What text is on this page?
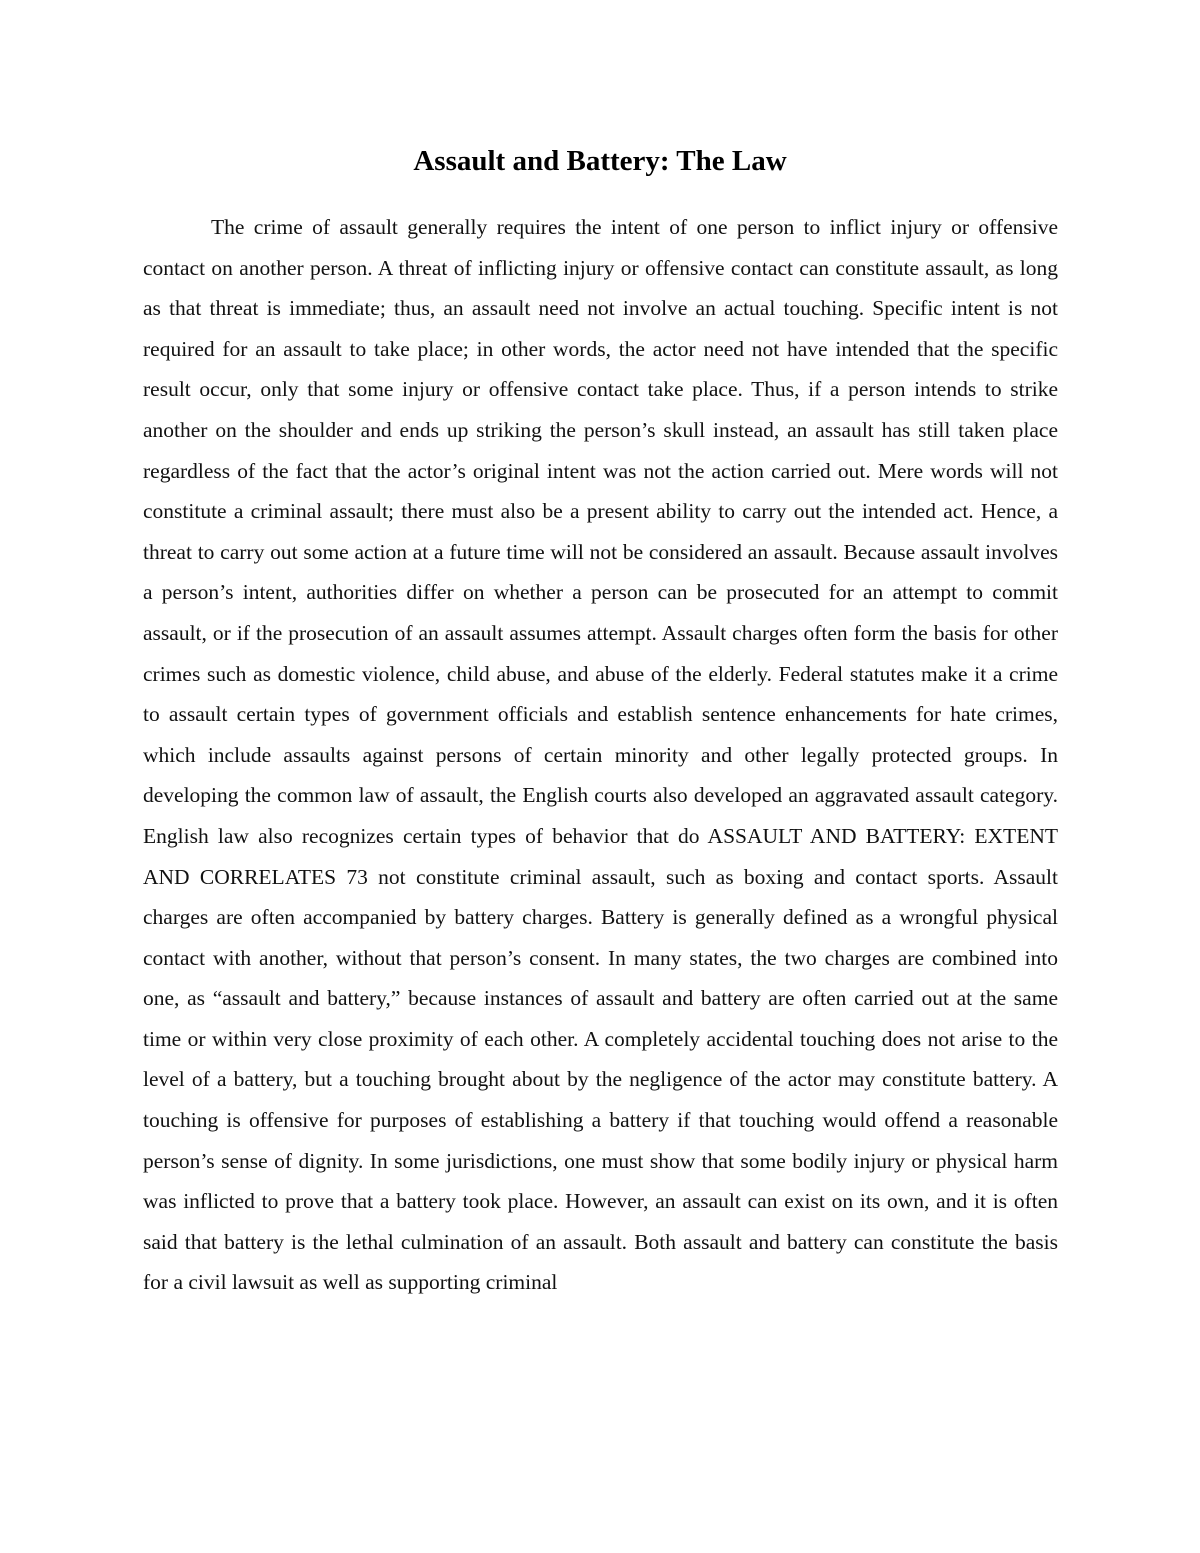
Assault and Battery: The Law

The crime of assault generally requires the intent of one person to inflict injury or offensive contact on another person. A threat of inflicting injury or offensive contact can constitute assault, as long as that threat is immediate; thus, an assault need not involve an actual touching. Specific intent is not required for an assault to take place; in other words, the actor need not have intended that the specific result occur, only that some injury or offensive contact take place. Thus, if a person intends to strike another on the shoulder and ends up striking the person’s skull instead, an assault has still taken place regardless of the fact that the actor’s original intent was not the action carried out. Mere words will not constitute a criminal assault; there must also be a present ability to carry out the intended act. Hence, a threat to carry out some action at a future time will not be considered an assault. Because assault involves a person’s intent, authorities differ on whether a person can be prosecuted for an attempt to commit assault, or if the prosecution of an assault assumes attempt. Assault charges often form the basis for other crimes such as domestic violence, child abuse, and abuse of the elderly. Federal statutes make it a crime to assault certain types of government officials and establish sentence enhancements for hate crimes, which include assaults against persons of certain minority and other legally protected groups. In developing the common law of assault, the English courts also developed an aggravated assault category. English law also recognizes certain types of behavior that do ASSAULT AND BATTERY: EXTENT AND CORRELATES 73 not constitute criminal assault, such as boxing and contact sports. Assault charges are often accompanied by battery charges. Battery is generally defined as a wrongful physical contact with another, without that person’s consent. In many states, the two charges are combined into one, as “assault and battery,” because instances of assault and battery are often carried out at the same time or within very close proximity of each other. A completely accidental touching does not arise to the level of a battery, but a touching brought about by the negligence of the actor may constitute battery. A touching is offensive for purposes of establishing a battery if that touching would offend a reasonable person’s sense of dignity. In some jurisdictions, one must show that some bodily injury or physical harm was inflicted to prove that a battery took place. However, an assault can exist on its own, and it is often said that battery is the lethal culmination of an assault. Both assault and battery can constitute the basis for a civil lawsuit as well as supporting criminal
